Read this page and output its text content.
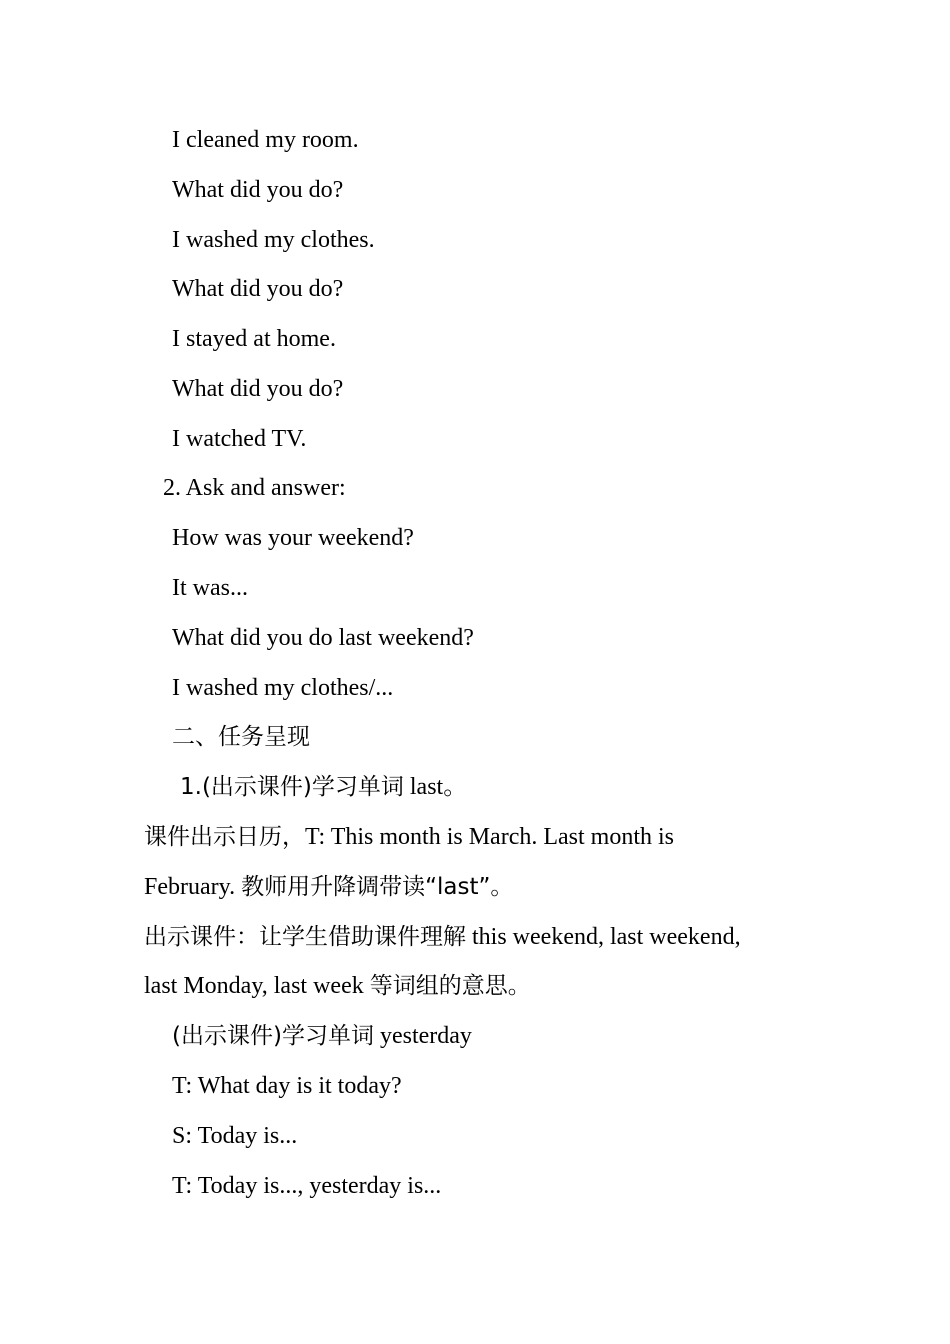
I cleaned my room.
What did you do?
I washed my clothes.
What did you do?
I stayed at home.
What did you do?
I watched TV.
2. Ask and answer:
How was your weekend?
It was...
What did you do last weekend?
I washed my clothes/...
二、任务呈现
1.(出示课件)学习单词 last。
课件出示日历，T: This month is March. Last month is
February. 教师用升降调带读“last”。
出示课件：让学生借助课件理解 this weekend, last weekend,
last Monday, last week 等词组的意思。
(出示课件)学习单词 yesterday
T: What day is it today?
S: Today is...
T: Today is..., yesterday is...
